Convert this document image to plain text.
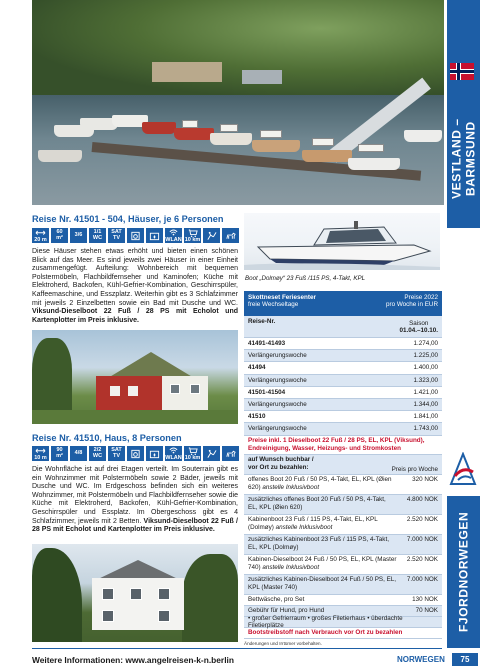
VESTLAND – BARMSUND
FJORDNORWEGEN
Reise Nr. 41501 - 504, Häuser, je 6 Personen
20 m
60
m² 3/6 1/1
WC
SAT
TV	WLAN 10 km
Diese Häuser stehen etwas erhöht und bieten einen schönen Blick auf das Meer. Es sind jeweils zwei Häuser in einer Einheit zusammengefügt. Aufteilung: Wohnbereich mit bequemen Polstermöbeln, Flachbildfernseher und Kaminofen; Küche mit Elektroherd, Backofen, Kühl-Gefrier-Kombination, Geschirrspüler, Kaffeemaschine, und Esszplatz. Weiterhin gibt es 3 Schlafzimmer mit jeweils 2 Einzelbetten sowie ein Bad mit Dusche und WC. Viksund-Dieselboot 22 Fuß / 28 PS mit Echolot und Kartenplotter im Preis inklusive.
Reise Nr. 41510, Haus, 8 Personen
10 m
90
m² 4/8 2/2
WC
SAT
TV	WLAN 10 km
Die Wohnfläche ist auf drei Etagen verteilt. Im Souterrain gibt es ein Wohnzimmer mit Polstermöbeln sowie 2 Bäder, jeweils mit Dusche und WC. Im Erdgeschoss befinden sich ein weiteres Wohnzimmer, mit Polstermöbeln und Flachbildfernseher sowie die Küche mit Elektroherd, Backofen, Kühl-Gefrier-Kombination, Geschirrspüler und Essplatz. Im Obergeschoss gibt es 4 Schlafzimmer, jeweils mit 2 Betten. Viksund-Dieselboot 22 Fuß / 28 PS mit Echolot und Kartenplotter im Preis inklusive.
Boot „Dolmøy“ 23 Fuß /115 PS, 4-Takt, KPL
Skottneset Feriesenter
freie Wechseltage
Preise 2022
pro Woche in EUR
Reise-Nr.	Saison
01.04.–10.10.
41491-41493	1.274,00
Verlängerungswoche	1.225,00
41494	1.400,00
Verlängerungswoche	1.323,00
41501-41504	1.421,00
Verlängerungswoche	1.344,00
41510	1.841,00
Verlängerungswoche	1.743,00
Preise inkl. 1 Dieselboot 22 Fuß / 28 PS, EL, KPL (Viksund), Endreinigung, Wasser, Heizungs- und Stromkosten
auf Wunsch buchbar /
vor Ort zu bezahlen:	Preis pro Woche
offenes Boot 20 Fuß / 50 PS, 4-Takt, EL, KPL (Øien 620) anstelle Inklusivboot
320 NOK
zusätzliches offenes Boot 20 Fuß / 50 PS, 4-Takt, EL, KPL (Øien 620)
4.800 NOK
Kabinenboot 23 Fuß / 115 PS, 4-Takt, EL, KPL (Dolmøy) anstelle Inklusivboot
2.520 NOK
zusätzliches Kabinenboot 23 Fuß / 115 PS, 4-Takt, EL, KPL (Dolmøy)
7.000 NOK
Kabinen-Dieselboot 24 Fuß / 50 PS, EL, KPL (Master 740) anstelle Inklusivboot
2.520 NOK
zusätzliches Kabinen-Dieselboot 24 Fuß / 50 PS, EL, KPL (Master 740)
7.000 NOK
Bettwäsche, pro Set	130 NOK
Gebühr für Hund, pro Hund	70 NOK
• großer Gefrierraum • großes Filetierhaus • überdachte Filetierplätze
Bootstreibstoff nach Verbrauch vor Ort zu bezahlen
Änderungen und Irrtümer vorbehalten.
Weitere Informationen: www.angelreisen-k-n.berlin	NORWEGEN	75
